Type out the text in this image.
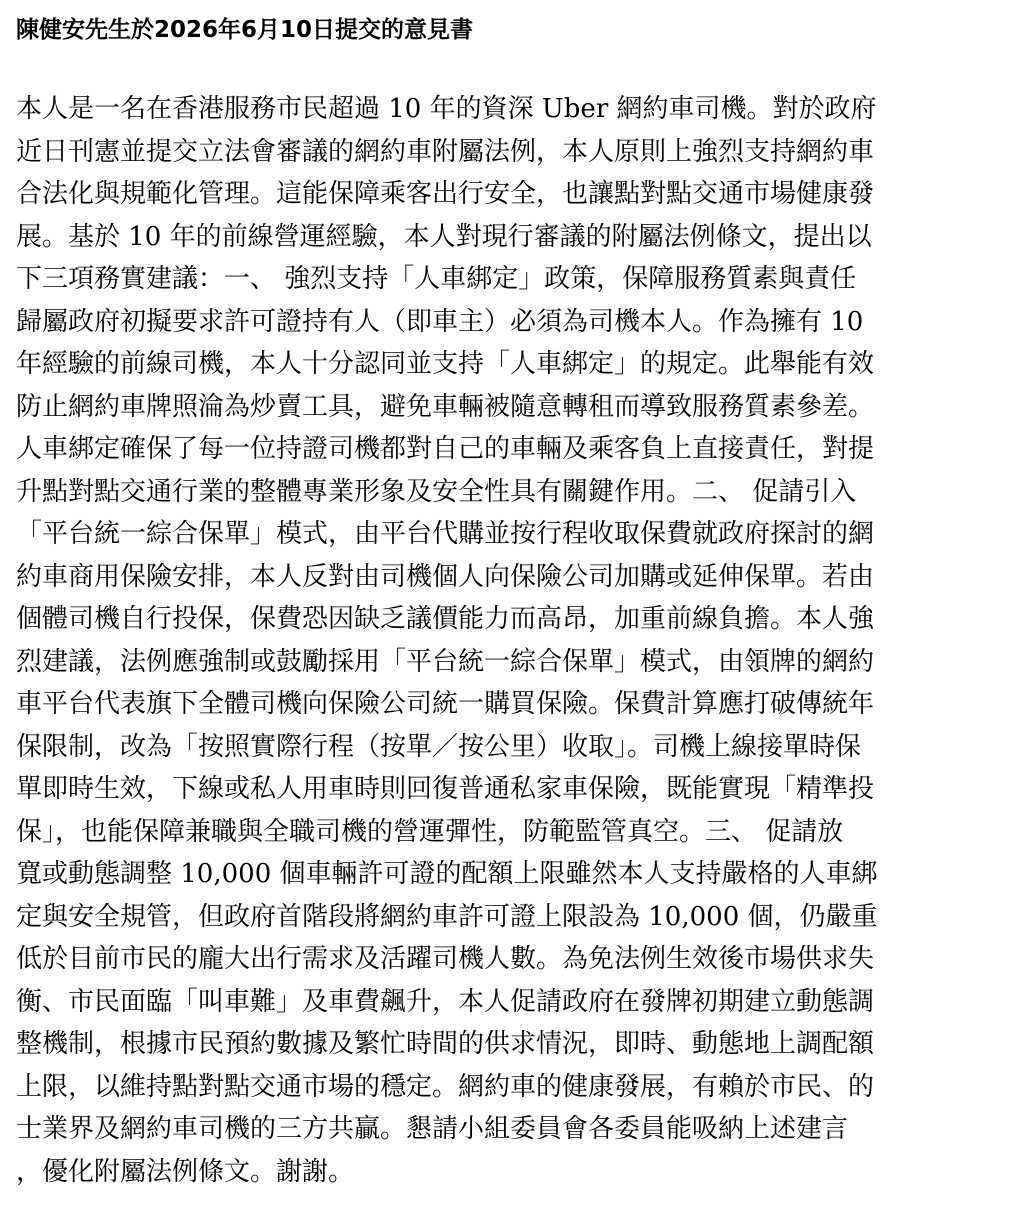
陳健安先生於2026年6月10日提交的意見書
本人是一名在香港服務市民超過 10 年的資深 Uber 網約車司機。對於政府
近日刊憲並提交立法會審議的網約車附屬法例，本人原則上強烈支持網約車
合法化與規範化管理。這能保障乘客出行安全，也讓點對點交通市場健康發
展。基於 10 年的前線營運經驗，本人對現行審議的附屬法例條文，提出以
下三項務實建議：一、 強烈支持「人車綁定」政策，保障服務質素與責任
歸屬政府初擬要求許可證持有人（即車主）必須為司機本人。作為擁有 10
年經驗的前線司機，本人十分認同並支持「人車綁定」的規定。此舉能有效
防止網約車牌照淪為炒賣工具，避免車輛被隨意轉租而導致服務質素參差。
人車綁定確保了每一位持證司機都對自己的車輛及乘客負上直接責任，對提
升點對點交通行業的整體專業形象及安全性具有關鍵作用。二、 促請引入
「平台統一綜合保單」模式，由平台代購並按行程收取保費就政府探討的網
約車商用保險安排，本人反對由司機個人向保險公司加購或延伸保單。若由
個體司機自行投保，保費恐因缺乏議價能力而高昂，加重前線負擔。本人強
烈建議，法例應強制或鼓勵採用「平台統一綜合保單」模式，由領牌的網約
車平台代表旗下全體司機向保險公司統一購買保險。保費計算應打破傳統年
保限制，改為「按照實際行程（按單／按公里）收取」。司機上線接單時保
單即時生效，下線或私人用車時則回復普通私家車保險，既能實現「精準投
保」，也能保障兼職與全職司機的營運彈性，防範監管真空。三、 促請放
寬或動態調整 10,000 個車輛許可證的配額上限雖然本人支持嚴格的人車綁
定與安全規管，但政府首階段將網約車許可證上限設為 10,000 個，仍嚴重
低於目前市民的龐大出行需求及活躍司機人數。為免法例生效後市場供求失
衡、市民面臨「叫車難」及車費飆升，本人促請政府在發牌初期建立動態調
整機制，根據市民預約數據及繁忙時間的供求情況，即時、動態地上調配額
上限，以維持點對點交通市場的穩定。網約車的健康發展，有賴於市民、的
士業界及網約車司機的三方共贏。懇請小組委員會各委員能吸納上述建言
，優化附屬法例條文。謝謝。
